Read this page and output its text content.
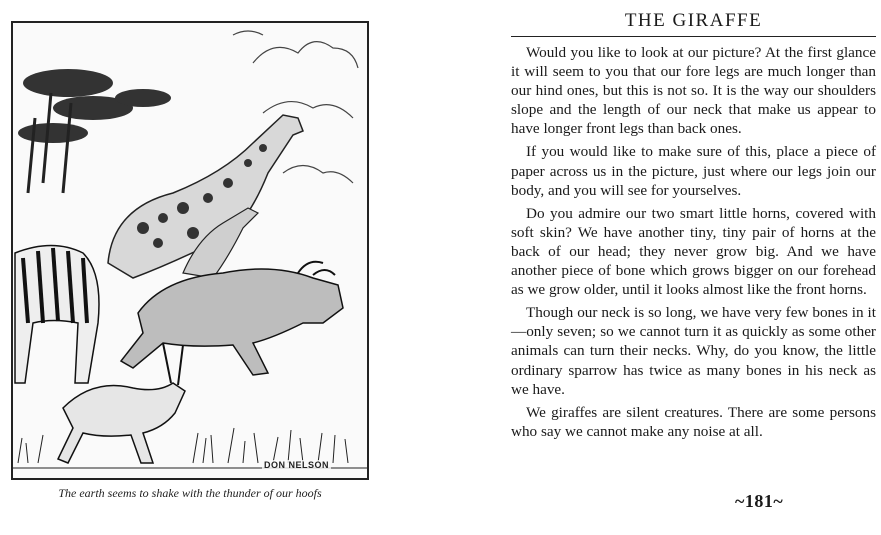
DON NELSON
The earth seems to shake with the thunder of our hoofs
THE GIRAFFE

Would you like to look at our picture? At the first glance it will seem to you that our fore legs are much longer than our hind ones, but this is not so. It is the way our shoulders slope and the length of our neck that make us appear to have longer front legs than back ones.

If you would like to make sure of this, place a piece of paper across us in the picture, just where our legs join our body, and you will see for yourselves.

Do you admire our two smart little horns, covered with soft skin? We have another tiny, tiny pair of horns at the back of our head; they never grow big. And we have another piece of bone which grows bigger on our forehead as we grow older, until it looks almost like the front horns.

Though our neck is so long, we have very few bones in it—only seven; so we cannot turn it as quickly as some other animals can turn their necks. Why, do you know, the little ordinary sparrow has twice as many bones in his neck as we have.

We giraffes are silent creatures. There are some persons who say we cannot make any noise at all.

~181~
